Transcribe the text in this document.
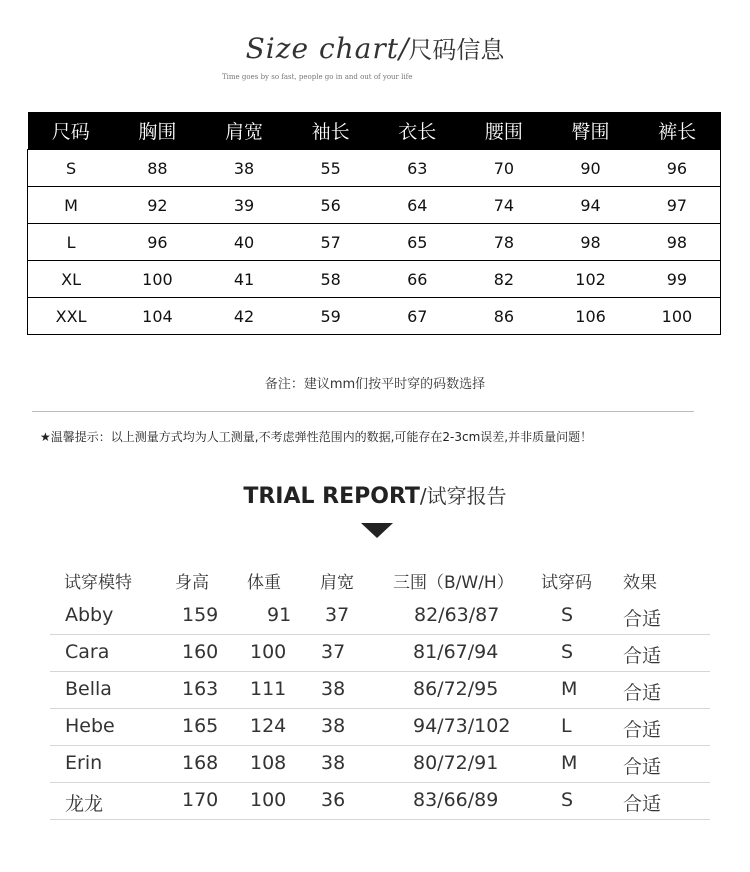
Size chart/尺码信息
Time goes by so fast, people go in and out of your life
尺码	胸围	肩宽	袖长	衣长	腰围	臀围	裤长
S	88	38	55	63	70	90	96
M	92	39	56	64	74	94	97
L	96	40	57	65	78	98	98
XL	100	41	58	66	82	102	99
XXL	104	42	59	67	86	106	100
备注：建议mm们按平时穿的码数选择
★温馨提示：以上测量方式均为人工测量,不考虑弹性范围内的数据,可能存在2-3cm误差,并非质量问题！
TRIAL REPORT/试穿报告
试穿模特	身高 体重 肩宽 三围（B/W/H） 试穿码 效果
Abby	159	91 37	82/63/87	S	合适
Cara	160 100 37	81/67/94	S	合适
Bella	163 111 38	86/72/95	M 合适
Hebe	165 124 38	94/73/102	L	合适
Erin	168 108 38	80/72/91	M 合适
龙龙	170 100 36	83/66/89	S	合适
